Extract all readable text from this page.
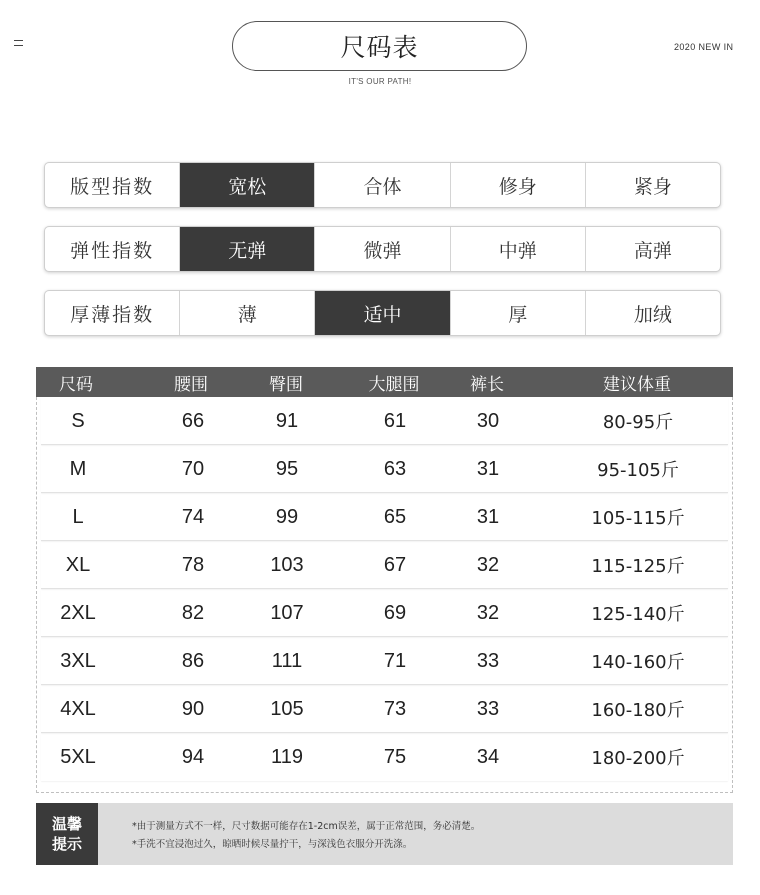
尺码表
IT'S OUR PATH!
2020 NEW IN
版型指数	宽松	合体	修身	紧身
弹性指数	无弹	微弹	中弹	高弹
厚薄指数	薄	适中	厚	加绒
尺码	腰围	臀围	大腿围	裤长	建议体重
S	66	91	61	30	80-95斤
M	70	95	63	31	95-105斤
L	74	99	65	31	105-115斤
XL	78	103	67	32	115-125斤
2XL	82	107	69	32	125-140斤
3XL	86	111	71	33	140-160斤
4XL	90	105	73	33	160-180斤
5XL	94	119	75	34	180-200斤
温馨
提示
*由于测量方式不一样，尺寸数据可能存在1-2cm误差，属于正常范围，务必清楚。
*手洗不宜浸泡过久，晾晒时候尽量拧干，与深浅色衣服分开洗涤。
